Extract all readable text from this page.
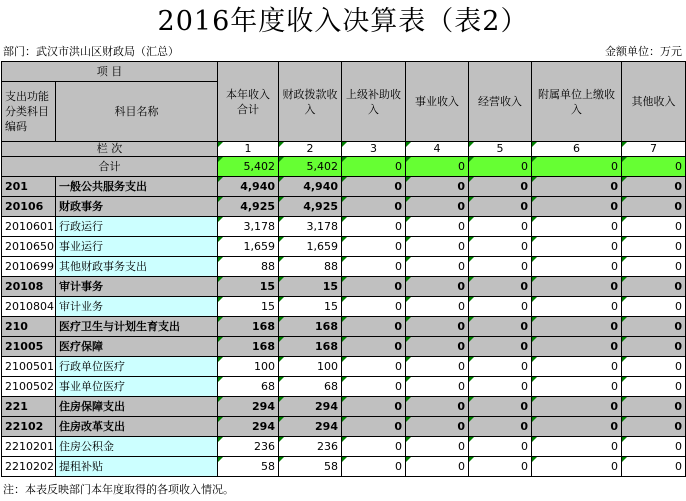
2016年度收入决算表（表2）
部门：武汉市洪山区财政局（汇总）	金额单位：万元
项 目		本年收入合计	财政拨款收入	上级补助收入	事业收入	经营收入	附属单位上缴收入	其他收入
支出功能分类科目编码	科目名称							
栏 次		1	2	3	4	5	6	7
合计		5,402	5,402	0	0	0	0	0
201	一般公共服务支出	4,940	4,940	0	0	0	0	0
20106	财政事务	4,925	4,925	0	0	0	0	0
2010601	行政运行	3,178	3,178	0	0	0	0	0
2010650	事业运行	1,659	1,659	0	0	0	0	0
2010699	其他财政事务支出	88	88	0	0	0	0	0
20108	审计事务	15	15	0	0	0	0	0
2010804	审计业务	15	15	0	0	0	0	0
210	医疗卫生与计划生育支出	168	168	0	0	0	0	0
21005	医疗保障	168	168	0	0	0	0	0
2100501	行政单位医疗	100	100	0	0	0	0	0
2100502	事业单位医疗	68	68	0	0	0	0	0
221	住房保障支出	294	294	0	0	0	0	0
22102	住房改革支出	294	294	0	0	0	0	0
2210201	住房公积金	236	236	0	0	0	0	0
2210202	提租补贴	58	58	0	0	0	0	0
注：本表反映部门本年度取得的各项收入情况。
